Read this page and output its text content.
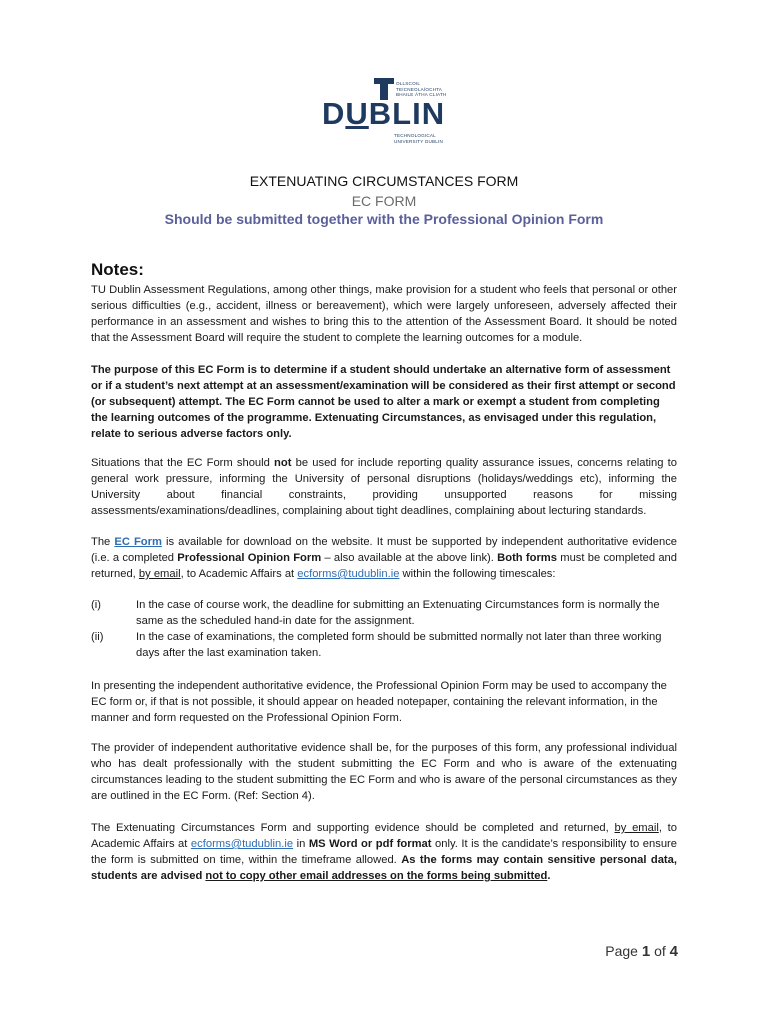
OLLSCOIL TEICNEOLAÍOCHTA
BHAILE ÁTHA CLIATH
DUBLIN
TECHNOLOGICAL
UNIVERSITY DUBLIN
EXTENUATING CIRCUMSTANCES FORM
EC FORM
Should be submitted together with the Professional Opinion Form
Notes:
TU Dublin Assessment Regulations, among other things, make provision for a student who feels that personal or other serious difficulties (e.g., accident, illness or bereavement), which were largely unforeseen, adversely affected their performance in an assessment and wishes to bring this to the attention of the Assessment Board. It should be noted that the Assessment Board will require the student to complete the learning outcomes for a module.
The purpose of this EC Form is to determine if a student should undertake an alternative form of assessment or if a student’s next attempt at an assessment/examination will be considered as their first attempt or second (or subsequent) attempt. The EC Form cannot be used to alter a mark or exempt a student from completing the learning outcomes of the programme. Extenuating Circumstances, as envisaged under this regulation, relate to serious adverse factors only.
Situations that the EC Form should not be used for include reporting quality assurance issues, concerns relating to general work pressure, informing the University of personal disruptions (holidays/weddings etc), informing the University about financial constraints, providing unsupported reasons for missing assessments/examinations/deadlines, complaining about tight deadlines, complaining about lecturing standards.
The EC Form is available for download on the website. It must be supported by independent authoritative evidence (i.e. a completed Professional Opinion Form – also available at the above link). Both forms must be completed and returned, by email, to Academic Affairs at ecforms@tudublin.ie within the following timescales:
(i)	In the case of course work, the deadline for submitting an Extenuating Circumstances form is normally the same as the scheduled hand-in date for the assignment.
(ii)	In the case of examinations, the completed form should be submitted normally not later than three working days after the last examination taken.
In presenting the independent authoritative evidence, the Professional Opinion Form may be used to accompany the EC form or, if that is not possible, it should appear on headed notepaper, containing the relevant information, in the manner and form requested on the Professional Opinion Form.
The provider of independent authoritative evidence shall be, for the purposes of this form, any professional individual who has dealt professionally with the student submitting the EC Form and who is aware of the extenuating circumstances leading to the student submitting the EC Form and who is aware of the personal circumstances as they are outlined in the EC Form. (Ref: Section 4).
The Extenuating Circumstances Form and supporting evidence should be completed and returned, by email, to Academic Affairs at ecforms@tudublin.ie in MS Word or pdf format only. It is the candidate’s responsibility to ensure the form is submitted on time, within the timeframe allowed. As the forms may contain sensitive personal data, students are advised not to copy other email addresses on the forms being submitted.
Page 1 of 4
